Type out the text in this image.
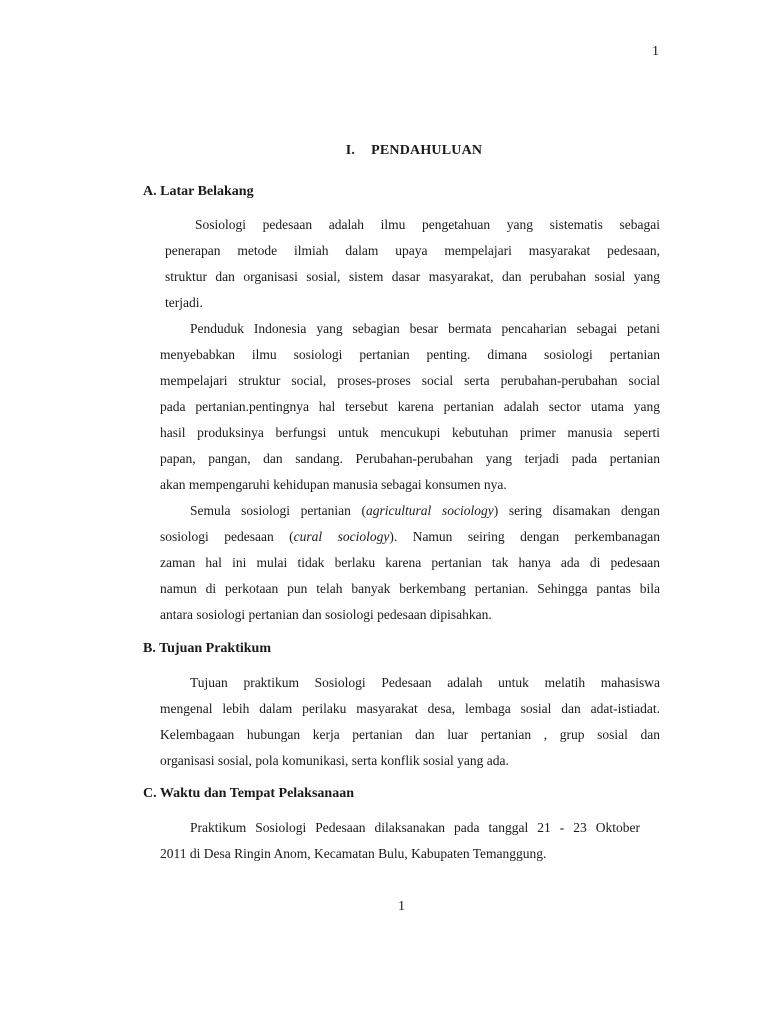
1
I. PENDAHULUAN
A. Latar Belakang
Sosiologi pedesaan adalah ilmu pengetahuan yang sistematis sebagai
penerapan metode ilmiah dalam upaya mempelajari masyarakat pedesaan,
struktur dan organisasi sosial, sistem dasar masyarakat, dan perubahan sosial yang
terjadi.
Penduduk Indonesia yang sebagian besar bermata pencaharian sebagai petani
menyebabkan ilmu sosiologi pertanian penting. dimana sosiologi pertanian
mempelajari struktur social, proses-proses social serta perubahan-perubahan social
pada pertanian.pentingnya hal tersebut karena pertanian adalah sector utama yang
hasil produksinya berfungsi untuk mencukupi kebutuhan primer manusia seperti
papan, pangan, dan sandang. Perubahan-perubahan yang terjadi pada pertanian
akan mempengaruhi kehidupan manusia sebagai konsumen nya.
Semula sosiologi pertanian (agricultural sociology) sering disamakan dengan
sosiologi pedesaan (cural sociology). Namun seiring dengan perkembanagan
zaman hal ini mulai tidak berlaku karena pertanian tak hanya ada di pedesaan
namun di perkotaan pun telah banyak berkembang pertanian. Sehingga pantas bila
antara sosiologi pertanian dan sosiologi pedesaan dipisahkan.
B. Tujuan Praktikum
Tujuan praktikum Sosiologi Pedesaan adalah untuk melatih mahasiswa
mengenal lebih dalam perilaku masyarakat desa, lembaga sosial dan adat-istiadat.
Kelembagaan hubungan kerja pertanian dan luar pertanian , grup sosial dan
organisasi sosial, pola komunikasi, serta konflik sosial yang ada.
C. Waktu dan Tempat Pelaksanaan
Praktikum Sosiologi Pedesaan dilaksanakan pada tanggal 21 - 23 Oktober
2011 di Desa Ringin Anom, Kecamatan Bulu, Kabupaten Temanggung.
1
